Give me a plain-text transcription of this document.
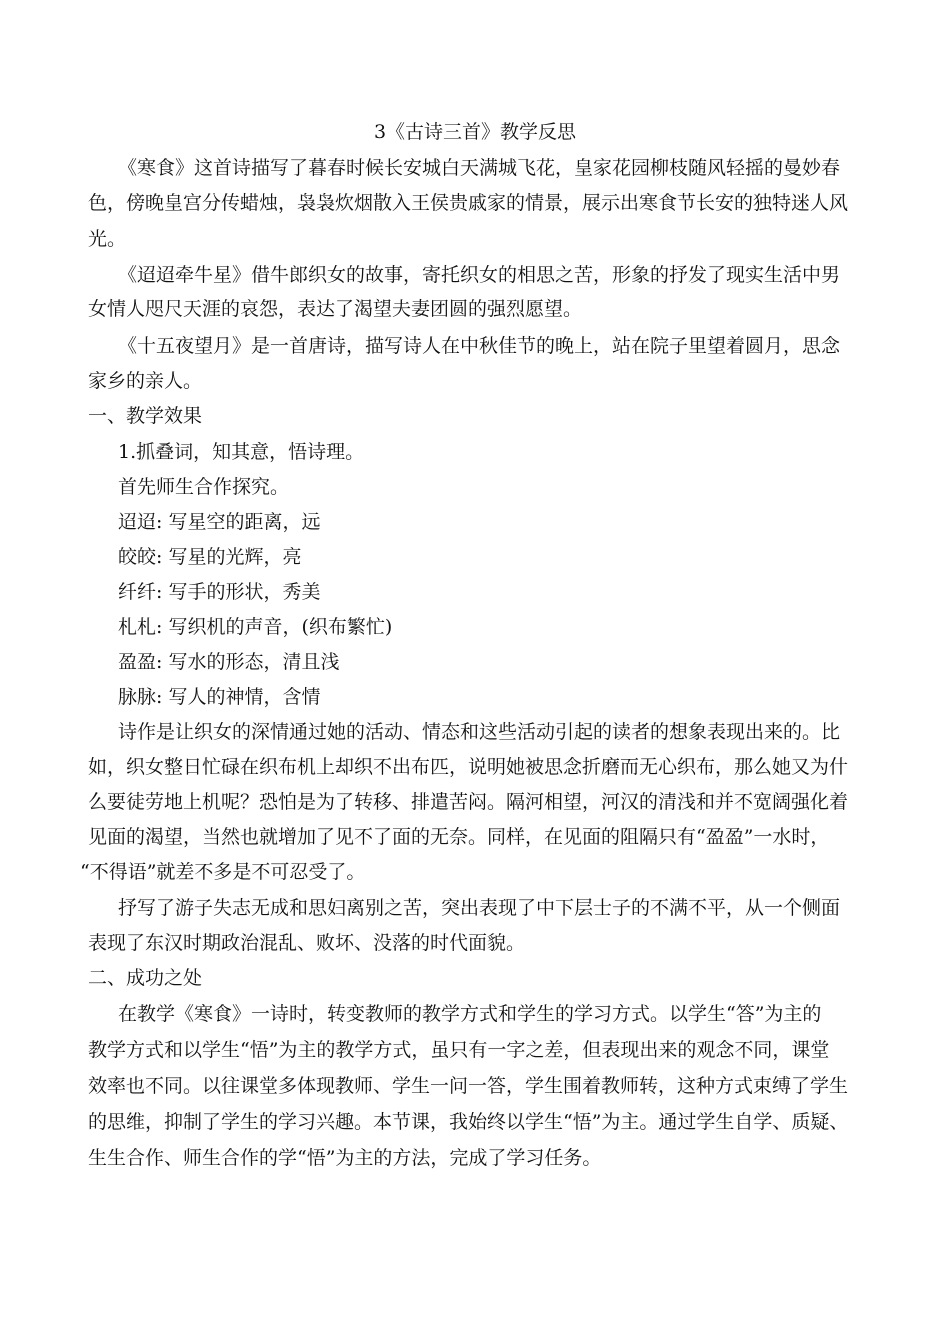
3《古诗三首》教学反思
《寒食》这首诗描写了暮春时候长安城白天满城飞花，皇家花园柳枝随风轻摇的曼妙春
色，傍晚皇宫分传蜡烛，袅袅炊烟散入王侯贵戚家的情景，展示出寒食节长安的独特迷人风
光。
《迢迢牵牛星》借牛郎织女的故事，寄托织女的相思之苦，形象的抒发了现实生活中男
女情人咫尺天涯的哀怨，表达了渴望夫妻团圆的强烈愿望。
《十五夜望月》是一首唐诗，描写诗人在中秋佳节的晚上，站在院子里望着圆月，思念
家乡的亲人。
一、教学效果
1.抓叠词，知其意，悟诗理。
首先师生合作探究。
迢迢: 写星空的距离，远
皎皎: 写星的光辉，亮
纤纤: 写手的形状，秀美
札札: 写织机的声音，(织布繁忙)
盈盈: 写水的形态，清且浅
脉脉: 写人的神情，含情
诗作是让织女的深情通过她的活动、情态和这些活动引起的读者的想象表现出来的。比
如，织女整日忙碌在织布机上却织不出布匹，说明她被思念折磨而无心织布，那么她又为什
么要徒劳地上机呢？恐怕是为了转移、排遣苦闷。隔河相望，河汉的清浅和并不宽阔强化着
见面的渴望，当然也就增加了见不了面的无奈。同样，在见面的阻隔只有“盈盈”一水时，
“不得语”就差不多是不可忍受了。
抒写了游子失志无成和思妇离别之苦，突出表现了中下层士子的不满不平，从一个侧面
表现了东汉时期政治混乱、败坏、没落的时代面貌。
二、成功之处
在教学《寒食》一诗时，转变教师的教学方式和学生的学习方式。以学生“答”为主的
教学方式和以学生“悟”为主的教学方式，虽只有一字之差，但表现出来的观念不同，课堂
效率也不同。以往课堂多体现教师、学生一问一答，学生围着教师转，这种方式束缚了学生
的思维，抑制了学生的学习兴趣。本节课，我始终以学生“悟”为主。通过学生自学、质疑、
生生合作、师生合作的学“悟”为主的方法，完成了学习任务。
